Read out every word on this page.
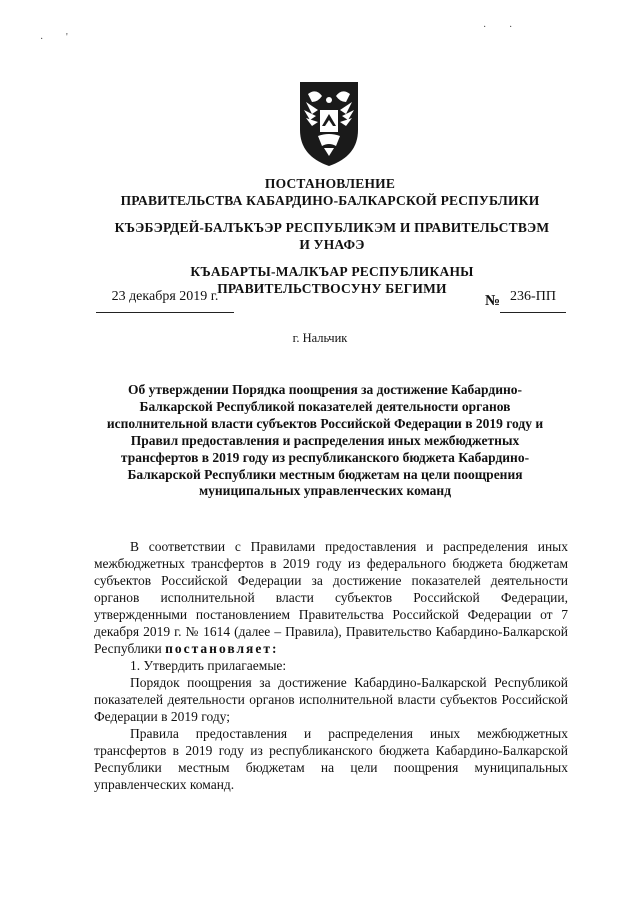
· '
· ·
ПОСТАНОВЛЕНИЕ
ПРАВИТЕЛЬСТВА КАБАРДИНО-БАЛКАРСКОЙ РЕСПУБЛИКИ
КЪЭБЭРДЕЙ-БАЛЪКЪЭР РЕСПУБЛИКЭМ И ПРАВИТЕЛЬСТВЭМ И УНАФЭ
КЪАБАРТЫ-МАЛКЪАР РЕСПУБЛИКАНЫ ПРАВИТЕЛЬСТВОСУНУ БЕГИМИ
23 декабря 2019 г.	№ 236-ПП
г. Нальчик
Об утверждении Порядка поощрения за достижение Кабардино-Балкарской Республикой показателей деятельности органов исполнительной власти субъектов Российской Федерации в 2019 году и Правил предоставления и распределения иных межбюджетных трансфертов в 2019 году из республиканского бюджета Кабардино-Балкарской Республики местным бюджетам на цели поощрения муниципальных управленческих команд

В соответствии с Правилами предоставления и распределения иных межбюджетных трансфертов в 2019 году из федерального бюджета бюджетам субъектов Российской Федерации за достижение показателей деятельности органов исполнительной власти субъектов Российской Федерации, утвержденными постановлением Правительства Российской Федерации от 7 декабря 2019 г. № 1614 (далее – Правила), Правительство Кабардино-Балкарской Республики постановляет:

1. Утвердить прилагаемые:

Порядок поощрения за достижение Кабардино-Балкарской Республикой показателей деятельности органов исполнительной власти субъектов Российской Федерации в 2019 году;

Правила предоставления и распределения иных межбюджетных трансфертов в 2019 году из республиканского бюджета Кабардино-Балкарской Республики местным бюджетам на цели поощрения муниципальных управленческих команд.
